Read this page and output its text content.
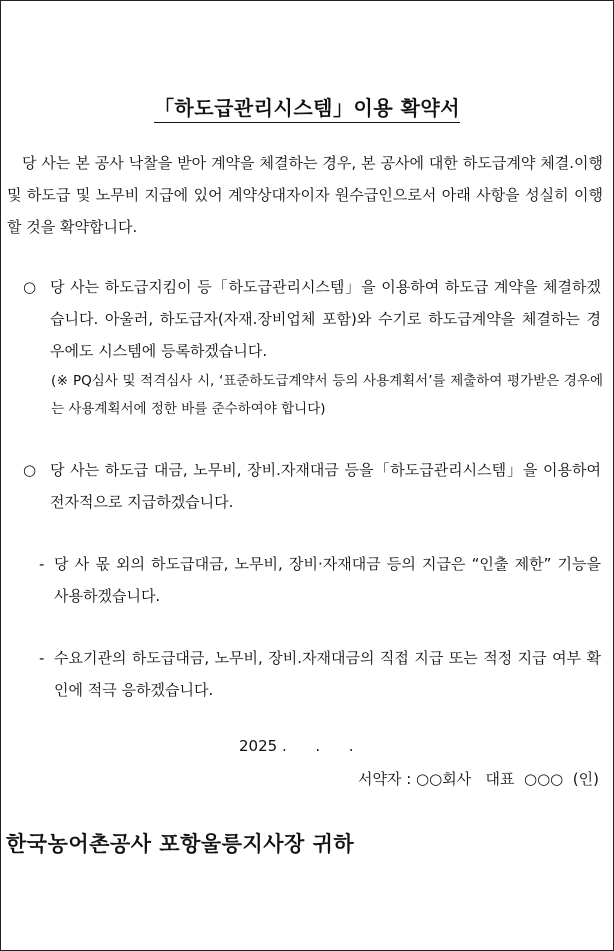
「하도급관리시스템」이용 확약서

당 사는 본 공사 낙찰을 받아 계약을 체결하는 경우, 본 공사에 대한 하도급계약 체결.이행 및 하도급 및 노무비 지급에 있어 계약상대자이자 원수급인으로서 아래 사항을 성실히 이행할 것을 확약합니다.

○ 당 사는 하도급지킴이 등「하도급관리시스템」을 이용하여 하도급 계약을 체결하겠습니다. 아울러, 하도급자(자재.장비업체 포함)와 수기로 하도급계약을 체결하는 경우에도 시스템에 등록하겠습니다.
(※ PQ심사 및 적격심사 시, ‘표준하도급계약서 등의 사용계획서’를 제출하여 평가받은 경우에는 사용계획서에 정한 바를 준수하여야 합니다)
○ 당 사는 하도급 대금, 노무비, 장비.자재대금 등을「하도급관리시스템」을 이용하여 전자적으로 지급하겠습니다.
- 당 사 몫 외의 하도급대금, 노무비, 장비·자재대금 등의 지급은 “인출 제한” 기능을 사용하겠습니다.
- 수요기관의 하도급대금, 노무비, 장비.자재대금의 직접 지급 또는 적정 지급 여부 확인에 적극 응하겠습니다.
2025 .      .      .
서약자 : ○○회사   대표  ○○○  (인)
한국농어촌공사 포항울릉지사장 귀하
